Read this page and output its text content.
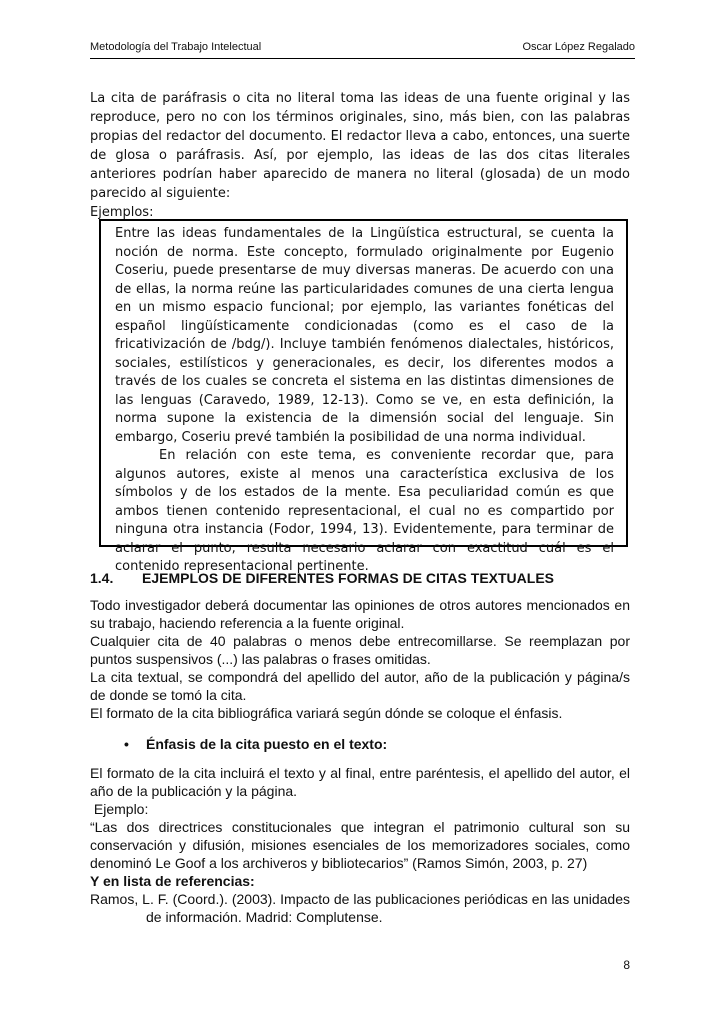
Metodología del Trabajo Intelectual	Oscar López Regalado

La cita de paráfrasis o cita no literal toma las ideas de una fuente original y las reproduce, pero no con los términos originales, sino, más bien, con las palabras propias del redactor del documento. El redactor lleva a cabo, entonces, una suerte de glosa o paráfrasis. Así, por ejemplo, las ideas de las dos citas literales anteriores podrían haber aparecido de manera no literal (glosada) de un modo parecido al siguiente:

Ejemplos:

Entre las ideas fundamentales de la Lingüística estructural, se cuenta la noción de norma. Este concepto, formulado originalmente por Eugenio Coseriu, puede presentarse de muy diversas maneras. De acuerdo con una de ellas, la norma reúne las particularidades comunes de una cierta lengua en un mismo espacio funcional; por ejemplo, las variantes fonéticas del español lingüísticamente condicionadas (como es el caso de la fricativización de /bdg/). Incluye también fenómenos dialectales, históricos, sociales, estilísticos y generacionales, es decir, los diferentes modos a través de los cuales se concreta el sistema en las distintas dimensiones de las lenguas (Caravedo, 1989, 12-13). Como se ve, en esta definición, la norma supone la existencia de la dimensión social del lenguaje. Sin embargo, Coseriu prevé también la posibilidad de una norma individual.

En relación con este tema, es conveniente recordar que, para algunos autores, existe al menos una característica exclusiva de los símbolos y de los estados de la mente. Esa peculiaridad común es que ambos tienen contenido representacional, el cual no es compartido por ninguna otra instancia (Fodor, 1994, 13). Evidentemente, para terminar de aclarar el punto, resulta necesario aclarar con exactitud cuál es el contenido representacional pertinente.

1.4. EJEMPLOS DE DIFERENTES FORMAS DE CITAS TEXTUALES

Todo investigador deberá documentar las opiniones de otros autores mencionados en su trabajo, haciendo referencia a la fuente original.

Cualquier cita de 40 palabras o menos debe entrecomillarse. Se reemplazan por puntos suspensivos (...) las palabras o frases omitidas.

La cita textual, se compondrá del apellido del autor, año de la publicación y página/s de donde se tomó la cita.

El formato de la cita bibliográfica variará según dónde se coloque el énfasis.

• Énfasis de la cita puesto en el texto:

El formato de la cita incluirá el texto y al final, entre paréntesis, el apellido del autor, el año de la publicación y la página.

Ejemplo:

“Las dos directrices constitucionales que integran el patrimonio cultural son su conservación y difusión, misiones esenciales de los memorizadores sociales, como denominó Le Goof a los archiveros y bibliotecarios” (Ramos Simón, 2003, p. 27)

Y en lista de referencias:

Ramos, L. F. (Coord.). (2003). Impacto de las publicaciones periódicas en las unidades de información. Madrid: Complutense.

8
